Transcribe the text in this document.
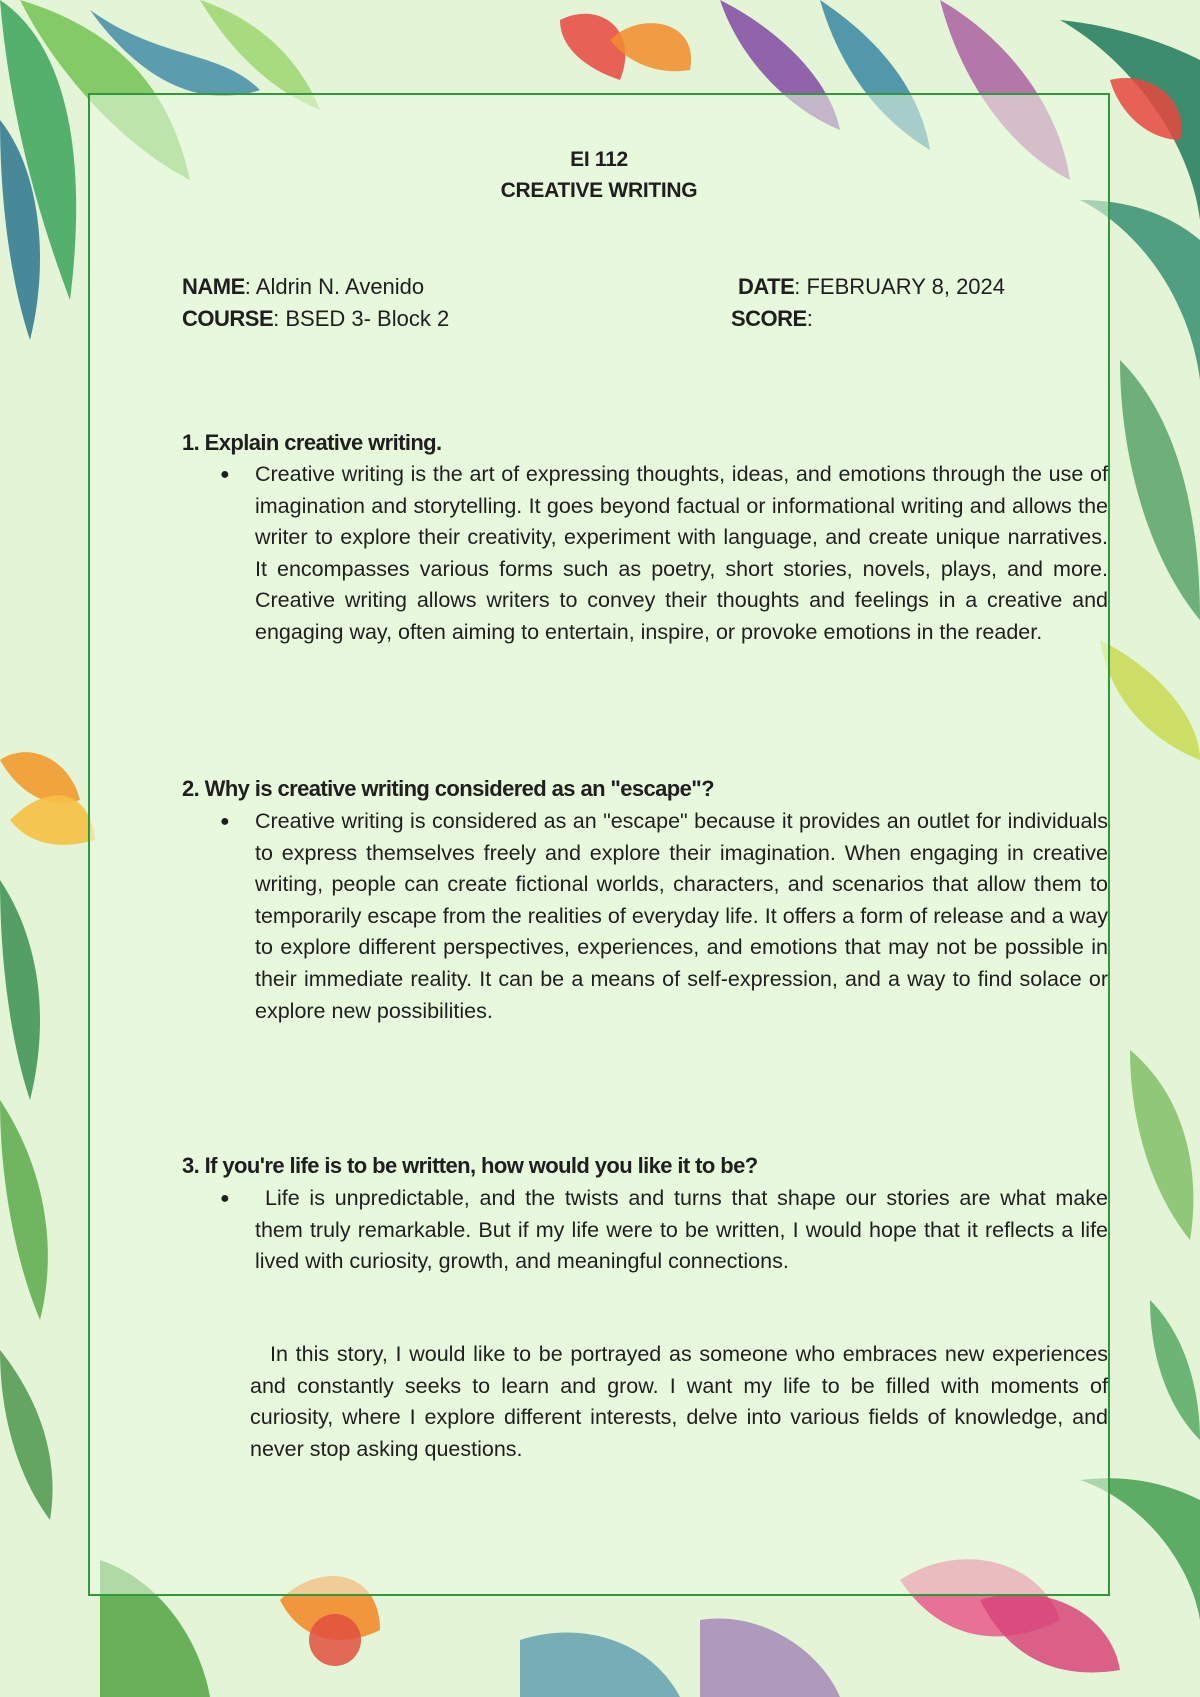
EI 112
CREATIVE WRITING
NAME: Aldrin N. Avenido
COURSE: BSED 3- Block 2
DATE: FEBRUARY 8, 2024
SCORE:
1. Explain creative writing.
● Creative writing is the art of expressing thoughts, ideas, and emotions through the use of imagination and storytelling. It goes beyond factual or informational writing and allows the writer to explore their creativity, experiment with language, and create unique narratives. It encompasses various forms such as poetry, short stories, novels, plays, and more. Creative writing allows writers to convey their thoughts and feelings in a creative and engaging way, often aiming to entertain, inspire, or provoke emotions in the reader.
2. Why is creative writing considered as an "escape"?
● Creative writing is considered as an "escape" because it provides an outlet for individuals to express themselves freely and explore their imagination. When engaging in creative writing, people can create fictional worlds, characters, and scenarios that allow them to temporarily escape from the realities of everyday life. It offers a form of release and a way to explore different perspectives, experiences, and emotions that may not be possible in their immediate reality. It can be a means of self-expression, and a way to find solace or explore new possibilities.
3. If you're life is to be written, how would you like it to be?
●	Life is unpredictable, and the twists and turns that shape our stories are what make them truly remarkable. But if my life were to be written, I would hope that it reflects a life lived with curiosity, growth, and meaningful connections.
In this story, I would like to be portrayed as someone who embraces new experiences and constantly seeks to learn and grow. I want my life to be filled with moments of curiosity, where I explore different interests, delve into various fields of knowledge, and never stop asking questions.
